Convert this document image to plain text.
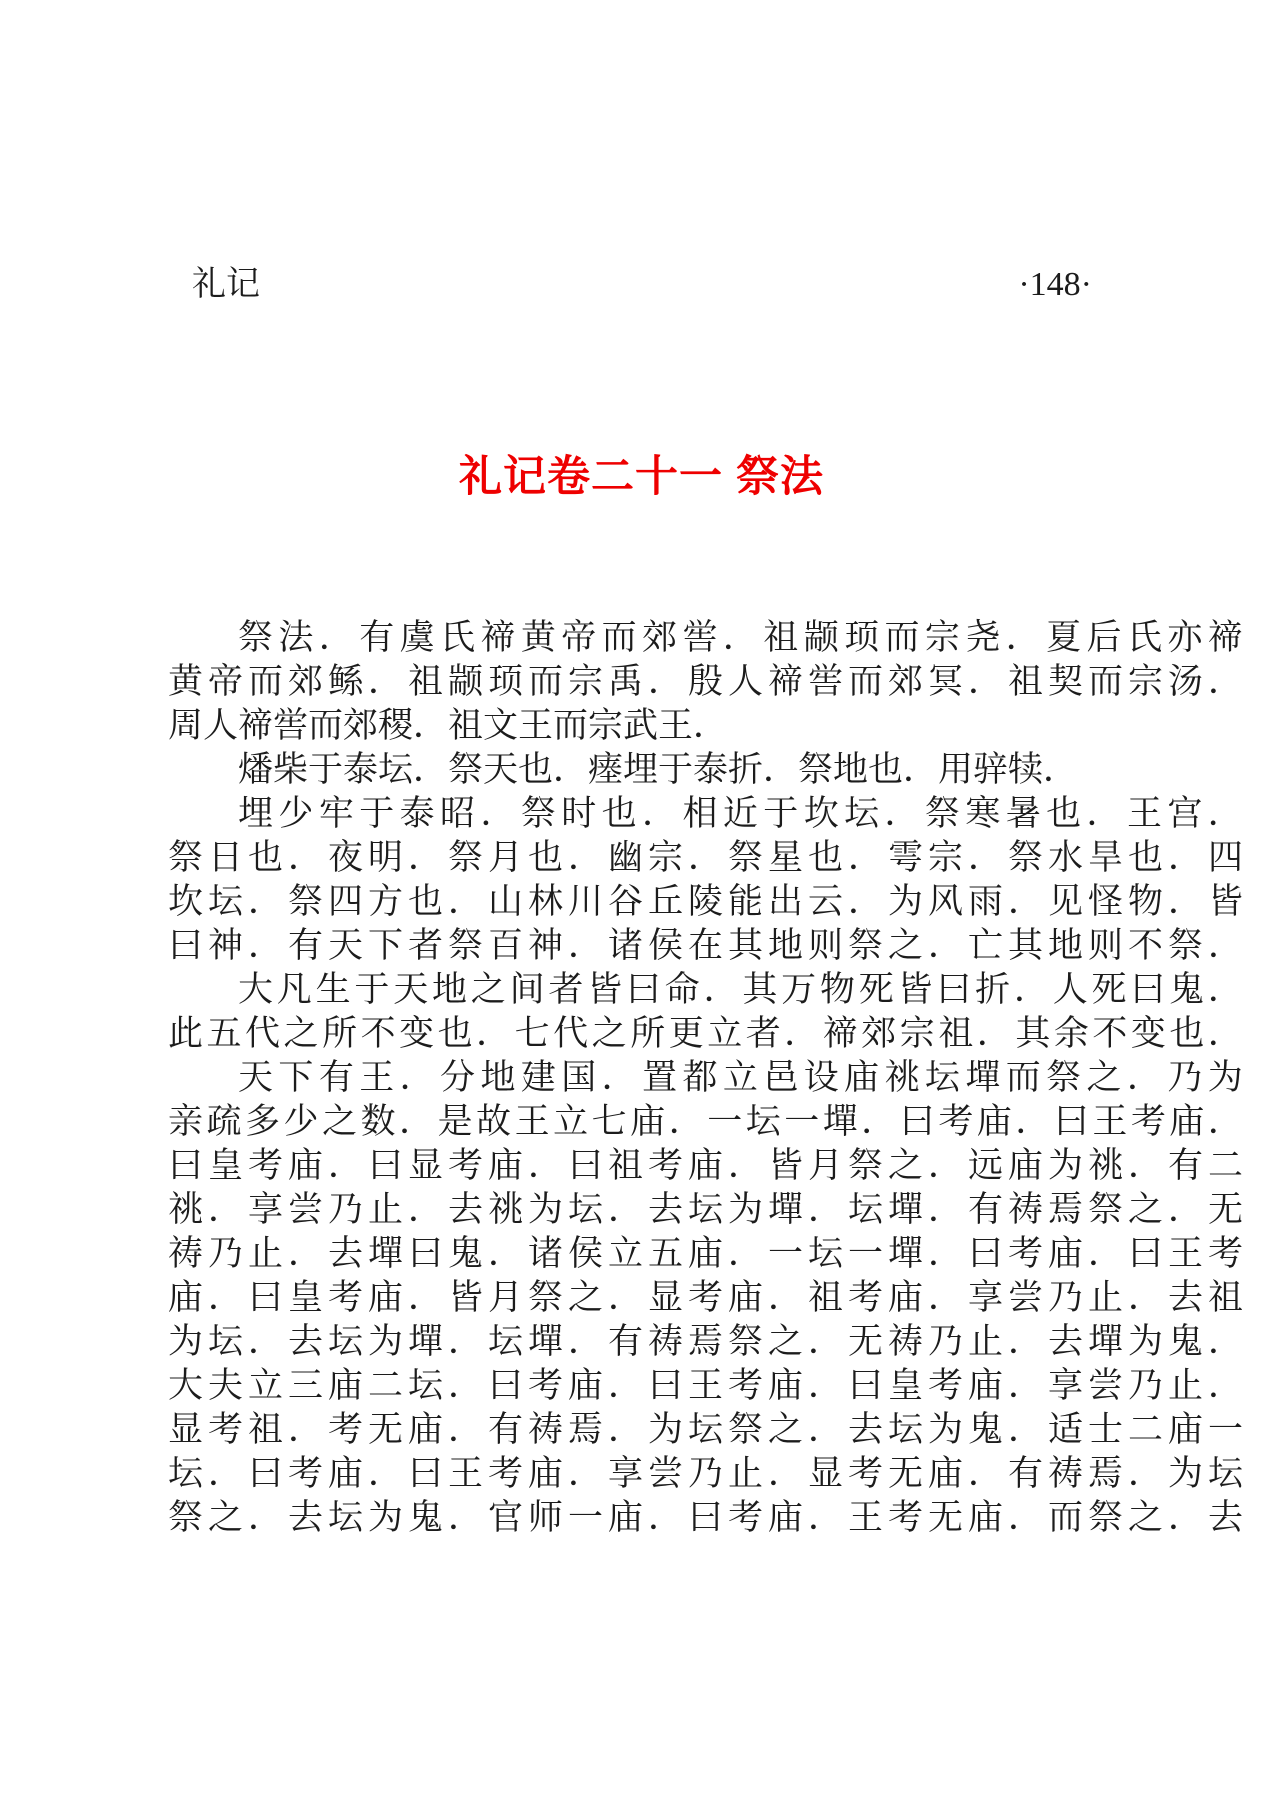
礼记	·148·
礼记卷二十一 祭法
祭 法 ． 有 虞 氏 禘 黄 帝 而 郊 喾 ． 祖 颛 顼 而 宗 尧 ． 夏 后 氏 亦 禘
黄 帝 而 郊 鲧 ． 祖 颛 顼 而 宗 禹 ． 殷 人 禘 喾 而 郊 冥 ． 祖 契 而 宗 汤 ．
周 人 禘 喾 而 郊 稷 ． 祖 文 王 而 宗 武 王 ．
燔 柴 于 泰 坛 ． 祭 天 也 ． 瘗 埋 于 泰 折 ． 祭 地 也 ． 用 骍 犊 ．
埋 少 牢 于 泰 昭 ． 祭 时 也 ． 相 近 于 坎 坛 ． 祭 寒 暑 也 ． 王 宫 ．
祭 日 也 ． 夜 明 ． 祭 月 也 ． 幽 宗 ． 祭 星 也 ． 雩 宗 ． 祭 水 旱 也 ． 四
坎 坛 ． 祭 四 方 也 ． 山 林 川 谷 丘 陵 能 出 云 ． 为 风 雨 ． 见 怪 物 ． 皆
曰 神 ． 有 天 下 者 祭 百 神 ． 诸 侯 在 其 地 则 祭 之 ． 亡 其 地 则 不 祭 ．
大 凡 生 于 天 地 之 间 者 皆 曰 命 ． 其 万 物 死 皆 曰 折 ． 人 死 曰 鬼 ．
此 五 代 之 所 不 变 也 ． 七 代 之 所 更 立 者 ． 禘 郊 宗 祖 ． 其 余 不 变 也 ．
天 下 有 王 ． 分 地 建 国 ． 置 都 立 邑 设 庙 祧 坛 墠 而 祭 之 ． 乃 为
亲 疏 多 少 之 数 ． 是 故 王 立 七 庙 ． 一 坛 一 墠 ． 曰 考 庙 ． 曰 王 考 庙 ．
曰 皇 考 庙 ． 曰 显 考 庙 ． 曰 祖 考 庙 ． 皆 月 祭 之 ． 远 庙 为 祧 ． 有 二
祧 ． 享 尝 乃 止 ． 去 祧 为 坛 ． 去 坛 为 墠 ． 坛 墠 ． 有 祷 焉 祭 之 ． 无
祷 乃 止 ． 去 墠 曰 鬼 ． 诸 侯 立 五 庙 ． 一 坛 一 墠 ． 曰 考 庙 ． 曰 王 考
庙 ． 曰 皇 考 庙 ． 皆 月 祭 之 ． 显 考 庙 ． 祖 考 庙 ． 享 尝 乃 止 ． 去 祖
为 坛 ． 去 坛 为 墠 ． 坛 墠 ． 有 祷 焉 祭 之 ． 无 祷 乃 止 ． 去 墠 为 鬼 ．
大 夫 立 三 庙 二 坛 ． 曰 考 庙 ． 曰 王 考 庙 ． 曰 皇 考 庙 ． 享 尝 乃 止 ．
显 考 祖 ． 考 无 庙 ． 有 祷 焉 ． 为 坛 祭 之 ． 去 坛 为 鬼 ． 适 士 二 庙 一
坛 ． 曰 考 庙 ． 曰 王 考 庙 ． 享 尝 乃 止 ． 显 考 无 庙 ． 有 祷 焉 ． 为 坛
祭 之 ． 去 坛 为 鬼 ． 官 师 一 庙 ． 曰 考 庙 ． 王 考 无 庙 ． 而 祭 之 ． 去
